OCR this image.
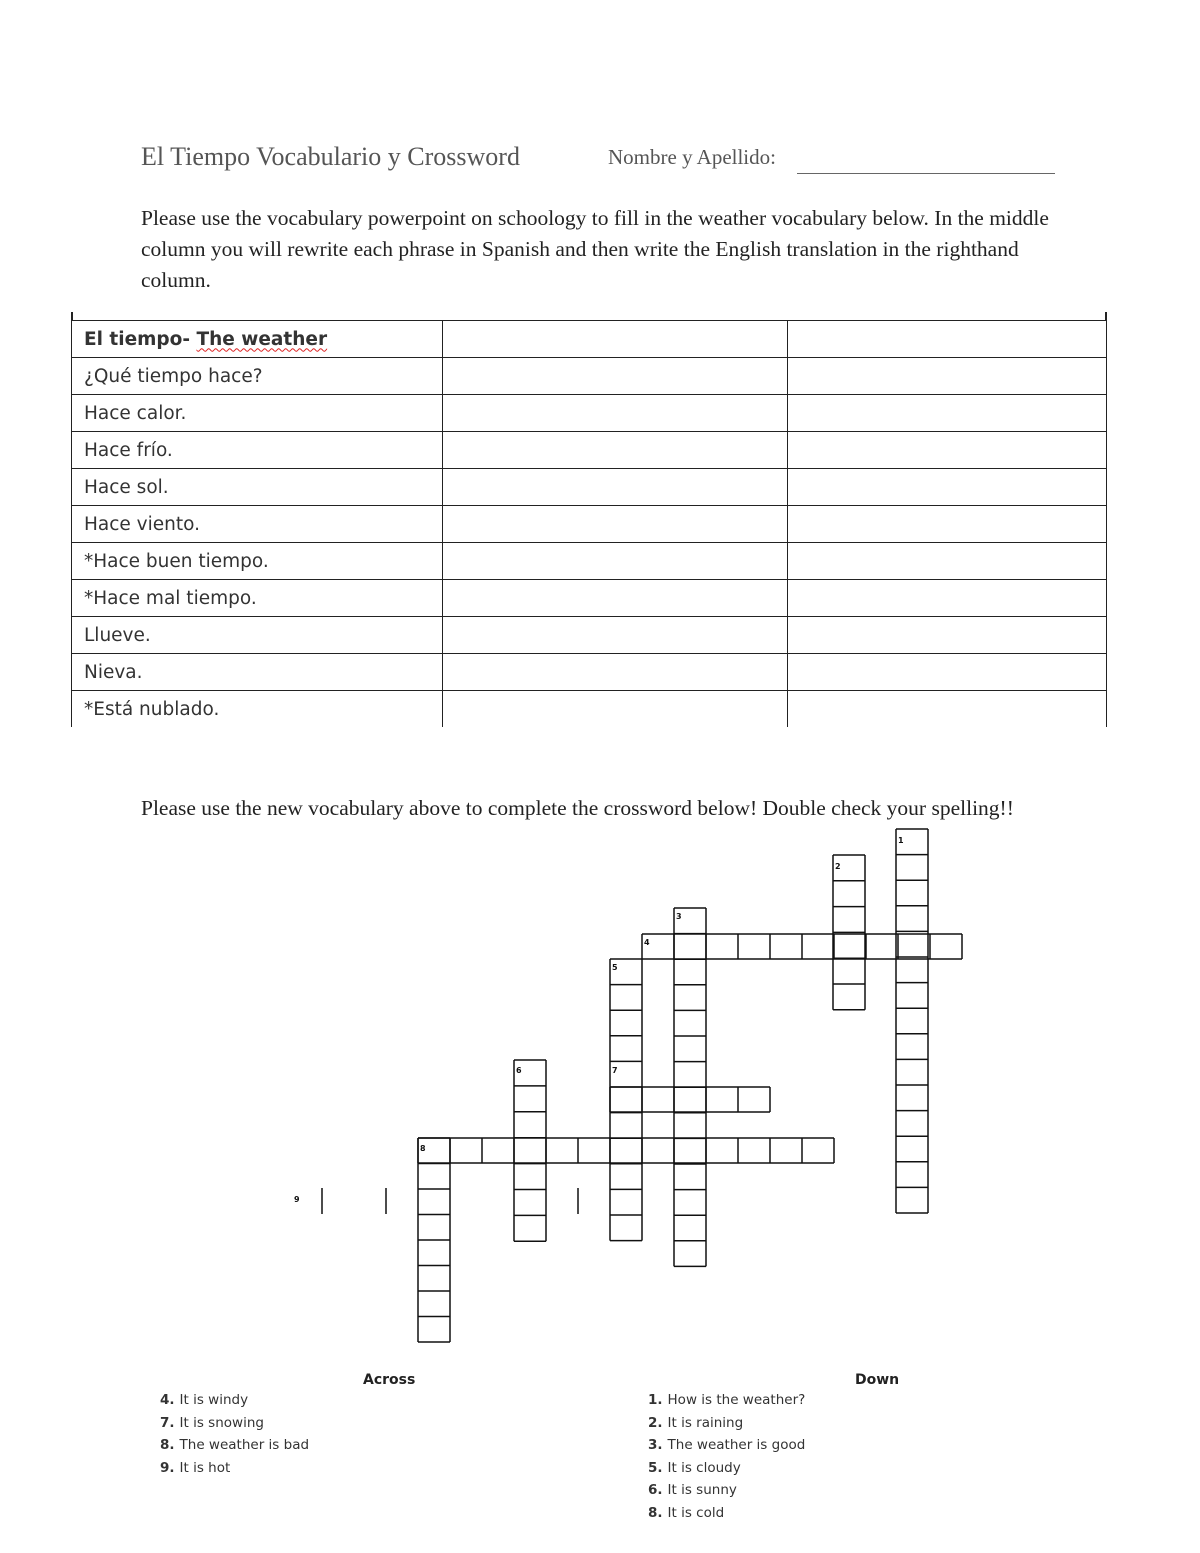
El Tiempo Vocabulario y Crossword	Nombre y Apellido:
Please use the vocabulary powerpoint on schoology to fill in the weather vocabulary below. In the middle column you will rewrite each phrase in Spanish and then write the English translation in the righthand column.
El tiempo- The weather		
¿Qué tiempo hace?		
Hace calor.		
Hace frío.		
Hace sol.		
Hace viento.		
*Hace buen tiempo.		
*Hace mal tiempo.		
Llueve.		
Nieva.		
*Está nublado.		
Please use the new vocabulary above to complete the crossword below! Double check your spelling!!
1
2
3
4
5
6	7
8
9
Across	Down
4. It is windy
7. It is snowing
8. The weather is bad
9. It is hot
1. How is the weather?
2. It is raining
3. The weather is good
5. It is cloudy
6. It is sunny
8. It is cold
